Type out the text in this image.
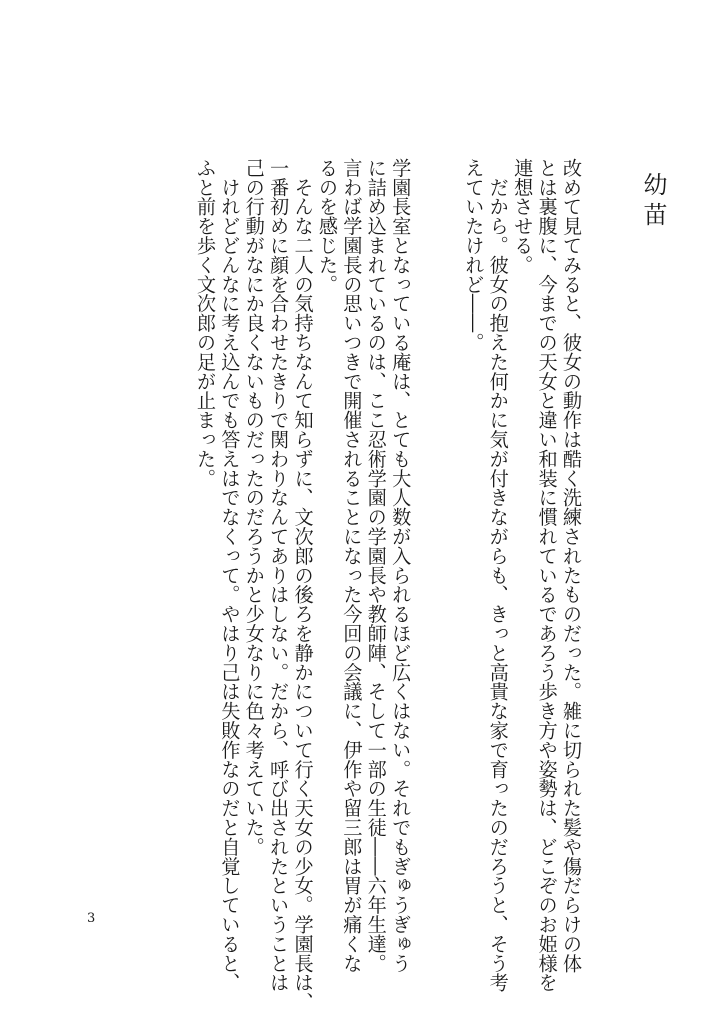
幼苗
改めて見てみると、彼女の動作は酷く洗練されたものだった。雑に切られた髪や傷だらけの体
とは裏腹に、今までの天女と違い和装に慣れているであろう歩き方や姿勢は、どこぞのお姫様を
連想させる。
　だから。彼女の抱えた何かに気が付きながらも、きっと高貴な家で育ったのだろうと、そう考
えていたけれど――。
学園長室となっている庵は、とても大人数が入られるほど広くはない。それでもぎゅうぎゅう
に詰め込まれているのは、ここ忍術学園の学園長や教師陣、そして一部の生徒――六年生達。
言わば学園長の思いつきで開催されることになった今回の会議に、伊作や留三郎は胃が痛くな
るのを感じた。
　そんな二人の気持ちなんて知らずに、文次郎の後ろを静かについて行く天女の少女。学園長は、
一番初めに顔を合わせたきりで関わりなんてありはしない。だから、呼び出されたということは
己の行動がなにか良くないものだったのだろうかと少女なりに色々考えていた。
　けれどどんなに考え込んでも答えはでなくって。やはり己は失敗作なのだと自覚していると、
ふと前を歩く文次郎の足が止まった。
3
